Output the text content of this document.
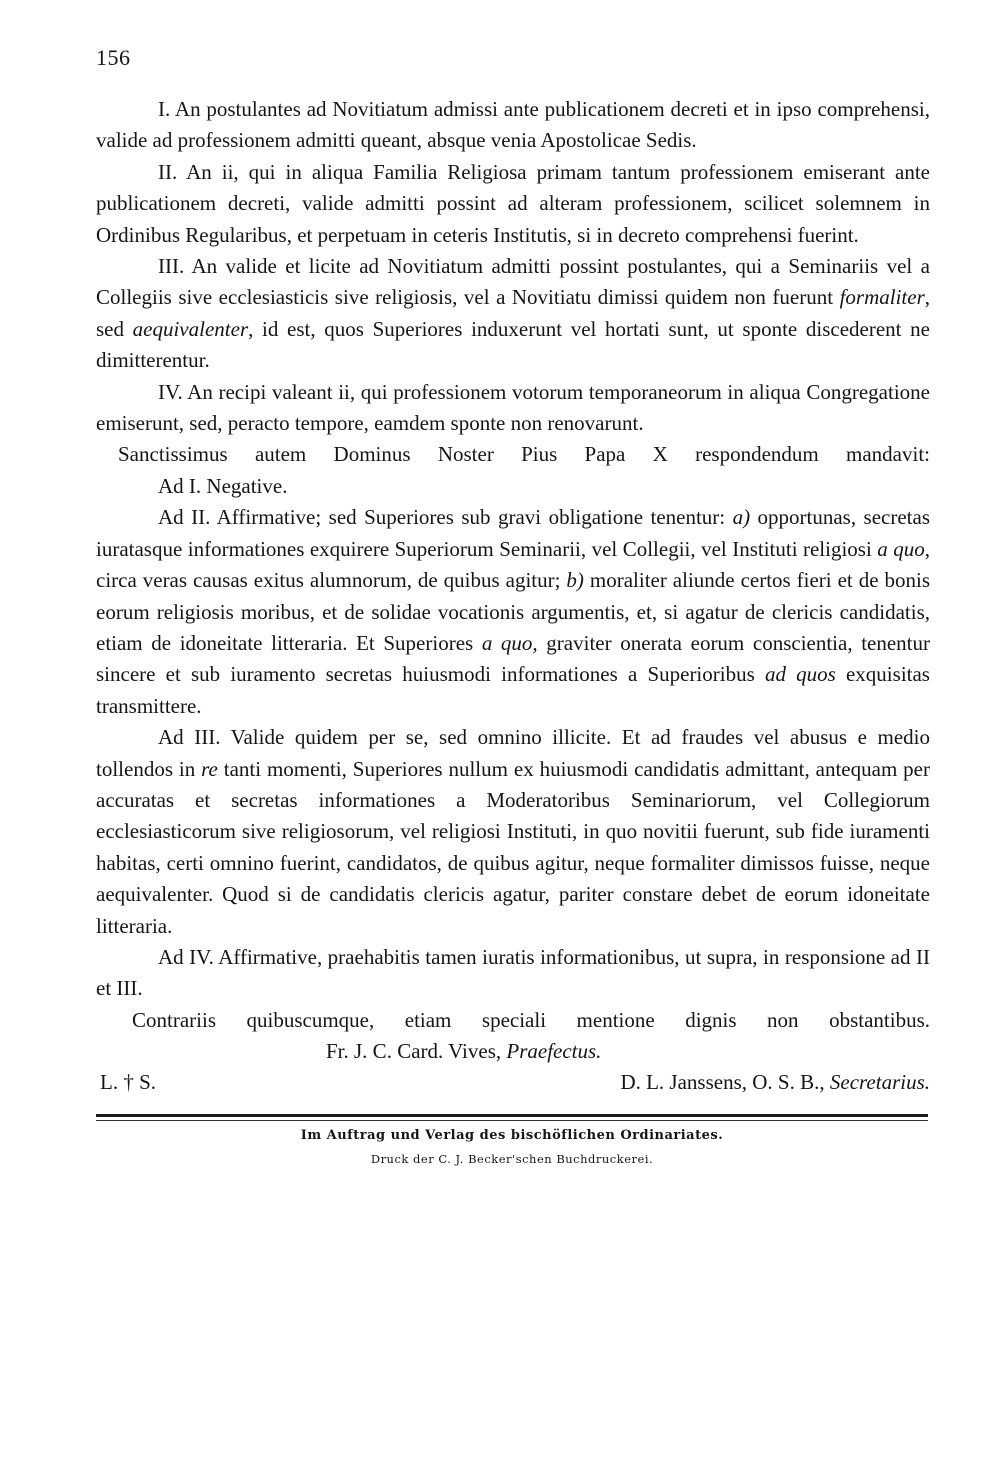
156

I. An postulantes ad Novitiatum admissi ante publicationem decreti et in ipso comprehensi, valide ad professionem admitti queant, absque venia Apostolicae Sedis.

II. An ii, qui in aliqua Familia Religiosa primam tantum professionem emiserant ante publicationem decreti, valide admitti possint ad alteram professionem, scilicet solemnem in Ordinibus Regularibus, et perpetuam in ceteris Institutis, si in decreto comprehensi fuerint.

III. An valide et licite ad Novitiatum admitti possint postulantes, qui a Seminariis vel a Collegiis sive ecclesiasticis sive religiosis, vel a Novitiatu dimissi quidem non fuerunt formaliter, sed aequivalenter, id est, quos Superiores induxerunt vel hortati sunt, ut sponte discederent ne dimitterentur.

IV. An recipi valeant ii, qui professionem votorum temporaneorum in aliqua Congregatione emiserunt, sed, peracto tempore, eamdem sponte non renovarunt.

Sanctissimus autem Dominus Noster Pius Papa X respondendum mandavit:

Ad I. Negative.

Ad II. Affirmative; sed Superiores sub gravi obligatione tenentur: a) opportunas, secretas iuratasque informationes exquirere Superiorum Seminarii, vel Collegii, vel Instituti religiosi a quo, circa veras causas exitus alumnorum, de quibus agitur; b) moraliter aliunde certos fieri et de bonis eorum religiosis moribus, et de solidae vocationis argumentis, et, si agatur de clericis candidatis, etiam de idoneitate litteraria. Et Superiores a quo, graviter onerata eorum conscientia, tenentur sincere et sub iuramento secretas huiusmodi informationes a Superioribus ad quos exquisitas transmittere.

Ad III. Valide quidem per se, sed omnino illicite. Et ad fraudes vel abusus e medio tollendos in re tanti momenti, Superiores nullum ex huiusmodi candidatis admittant, antequam per accuratas et secretas informationes a Moderatoribus Seminariorum, vel Collegiorum ecclesiasticorum sive religiosorum, vel religiosi Instituti, in quo novitii fuerunt, sub fide iuramenti habitas, certi omnino fuerint, candidatos, de quibus agitur, neque formaliter dimissos fuisse, neque aequivalenter. Quod si de candidatis clericis agatur, pariter constare debet de eorum idoneitate litteraria.

Ad IV. Affirmative, praehabitis tamen iuratis informationibus, ut supra, in responsione ad II et III.

Contrariis quibuscumque, etiam speciali mentione dignis non obstantibus.

Fr. J. C. Card. Vives, Praefectus.
L. † S.	D. L. Janssens, O. S. B., Secretarius.
Im Auftrag und Verlag des bischöflichen Ordinariates.
Druck der C. J. Becker'schen Buchdruckerei.
